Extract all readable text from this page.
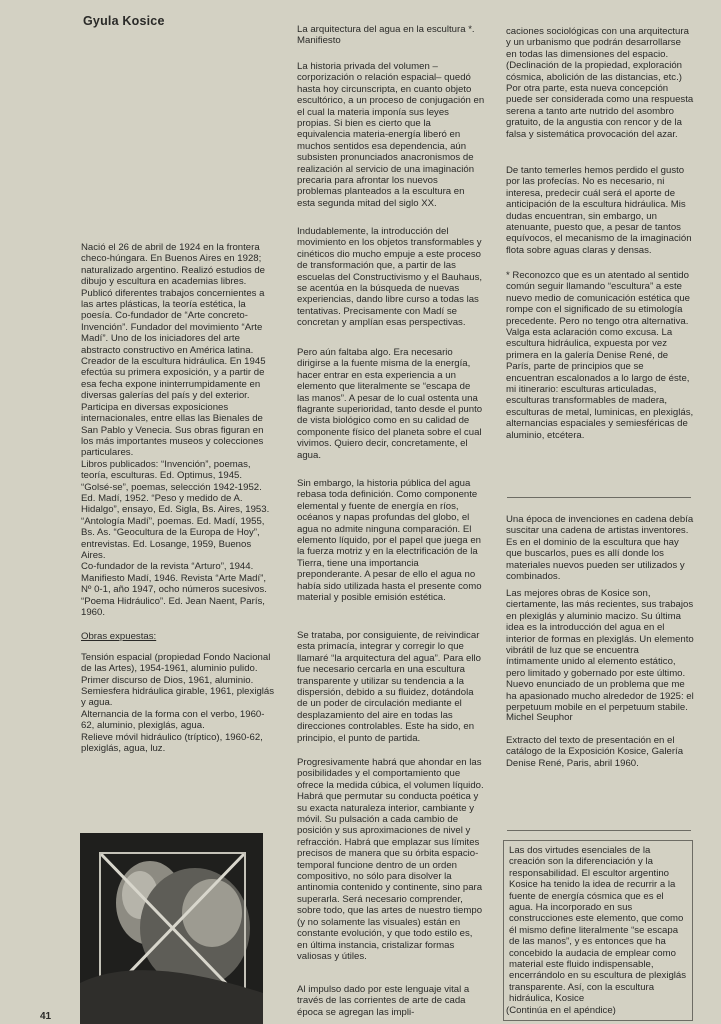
Gyula Kosice

Nació el 26 de abril de 1924 en la frontera checo-húngara. En Buenos Aires en 1928; naturalizado argentino. Realizó estudios de dibujo y escultura en academias libres. Publicó diferentes trabajos concernientes a las artes plásticas, la teoría estética, la poesía. Co-fundador de “Arte concreto-Invención”. Fundador del movimiento “Arte Madí”. Uno de los iniciadores del arte abstracto constructivo en América latina. Creador de la escultura hidráulica. En 1945 efectúa su primera exposición, y a partir de esa fecha expone ininterrumpidamente en diversas galerías del país y del exterior. Participa en diversas exposiciones internacionales, entre ellas las Bienales de San Pablo y Venecia. Sus obras figuran en los más importantes museos y colecciones particulares.

Libros publicados: “Invención”, poemas, teoría, esculturas. Ed. Optimus, 1945. “Golsé-se”, poemas, selección 1942-1952. Ed. Madí, 1952. “Peso y medido de A. Hidalgo”, ensayo, Ed. Sigla, Bs. Aires, 1953. “Antología Madí”, poemas. Ed. Madí, 1955, Bs. As. “Geocultura de la Europa de Hoy”, entrevistas. Ed. Losange, 1959, Buenos Aires.

Co-fundador de la revista “Arturo”, 1944. Manifiesto Madí, 1946. Revista “Arte Madí”, Nº 0-1, año 1947, ocho números sucesivos. “Poema Hidráulico”. Ed. Jean Naent, París, 1960.

Obras expuestas:
Tensión espacial (propiedad Fondo Nacional de las Artes), 1954-1961, aluminio pulido.
Primer discurso de Dios, 1961, aluminio.
Semiesfera hidráulica girable, 1961, plexiglás y agua.
Alternancia de la forma con el verbo, 1960-62, aluminio, plexiglás, agua.
Relieve móvil hidráulico (tríptico), 1960-62, plexiglás, agua, luz.
41
La arquitectura del agua en la escultura *. Manifiesto
La historia privada del volumen –corporización o relación espacial– quedó hasta hoy circunscripta, en cuanto objeto escultórico, a un proceso de conjugación en el cual la materia imponía sus leyes propias. Si bien es cierto que la equivalencia materia-energía liberó en muchos sentidos esa dependencia, aún subsisten pronunciados anacronismos de realización al servicio de una imaginación precaria para afrontar los nuevos problemas planteados a la escultura en esta segunda mitad del siglo XX.
Indudablemente, la introducción del movimiento en los objetos transformables y cinéticos dio mucho empuje a este proceso de transformación que, a partir de las escuelas del Constructivismo y el Bauhaus, se acentúa en la búsqueda de nuevas experiencias, dando libre curso a todas las tentativas. Precisamente con Madí se concretan y amplían esas perspectivas.
Pero aún faltaba algo. Era necesario dirigirse a la fuente misma de la energía, hacer entrar en esta experiencia a un elemento que literalmente se “escapa de las manos”. A pesar de lo cual ostenta una flagrante superioridad, tanto desde el punto de vista biológico como en su calidad de componente físico del planeta sobre el cual vivimos. Quiero decir, concretamente, el agua.
Sin embargo, la historia pública del agua rebasa toda definición. Como componente elemental y fuente de energía en ríos, océanos y napas profundas del globo, el agua no admite ninguna comparación. El elemento líquido, por el papel que juega en la fuerza motriz y en la electrificación de la Tierra, tiene una importancia preponderante. A pesar de ello el agua no había sido utilizada hasta el presente como material y posible emisión estética.
Se trataba, por consiguiente, de reivindicar esta primacía, integrar y corregir lo que llamaré “la arquitectura del agua”. Para ello fue necesario cercarla en una escultura transparente y utilizar su tendencia a la dispersión, debido a su fluidez, dotándola de un poder de circulación mediante el desplazamiento del aire en todas las direcciones controlables. Este ha sido, en principio, el punto de partida.
Progresivamente habrá que ahondar en las posibilidades y el comportamiento que ofrece la medida cúbica, el volumen líquido. Habrá que permutar su conducta poética y su exacta naturaleza interior, cambiante y móvil. Su pulsación a cada cambio de posición y sus aproximaciones de nivel y refracción. Habrá que emplazar sus límites precisos de manera que su órbita espacio-temporal funcione dentro de un orden compositivo, no sólo para disolver la antinomia contenido y continente, sino para superarla. Será necesario comprender, sobre todo, que las artes de nuestro tiempo (y no solamente las visuales) están en constante evolución, y que todo estilo es, en última instancia, cristalizar formas valiosas y útiles.
Al impulso dado por este lenguaje vital a través de las corrientes de arte de cada época se agregan las impli-
caciones sociológicas con una arquitectura y un urbanismo que podrán desarrollarse en todas las dimensiones del espacio. (Declinación de la propiedad, exploración cósmica, abolición de las distancias, etc.) Por otra parte, esta nueva concepción puede ser considerada como una respuesta serena a tanto arte nutrido del asombro gratuito, de la angustia con rencor y de la falsa y sistemática provocación del azar.
De tanto temerles hemos perdido el gusto por las profecías. No es necesario, ni interesa, predecir cuál será el aporte de anticipación de la escultura hidráulica. Mis dudas encuentran, sin embargo, un atenuante, puesto que, a pesar de tantos equívocos, el mecanismo de la imaginación flota sobre aguas claras y densas.
* Reconozco que es un atentado al sentido común seguir llamando “escultura” a este nuevo medio de comunicación estética que rompe con el significado de su etimología precedente. Pero no tengo otra alternativa. Valga esta aclaración como excusa. La escultura hidráulica, expuesta por vez primera en la galería Denise René, de París, parte de principios que se encuentran escalonados a lo largo de éste, mi itinerario: esculturas articuladas, esculturas transformables de madera, esculturas de metal, luminicas, en plexiglás, alternancias espaciales y semiesféricas de aluminio, etcétera.
Una época de invenciones en cadena debía suscitar una cadena de artistas inventores. Es en el dominio de la escultura que hay que buscarlos, pues es allí donde los materiales nuevos pueden ser utilizados y combinados.
Las mejores obras de Kosice son, ciertamente, las más recientes, sus trabajos en plexiglás y aluminio macizo. Su última idea es la introducción del agua en el interior de formas en plexiglás. Un elemento vibrátil de luz que se encuentra íntimamente unido al elemento estático, pero limitado y gobernado por este último. Nuevo enunciado de un problema que me ha apasionado mucho alrededor de 1925: el perpetuum mobile en el perpetuum stabile.
Michel Seuphor
Extracto del texto de presentación en el catálogo de la Exposición Kosice, Galería Denise René, Paris, abril 1960.
Las dos virtudes esenciales de la creación son la diferenciación y la responsabilidad. El escultor argentino Kosice ha tenido la idea de recurrir a la fuente de energía cósmica que es el agua. Ha incorporado en sus construcciones este elemento, que como él mismo define literalmente “se escapa de las manos”, y es entonces que ha concebido la audacia de emplear como material este fluido indispensable, encerrándolo en su escultura de plexiglás transparente. Así, con la escultura hidráulica, Kosice
(Continúa en el apéndice)
